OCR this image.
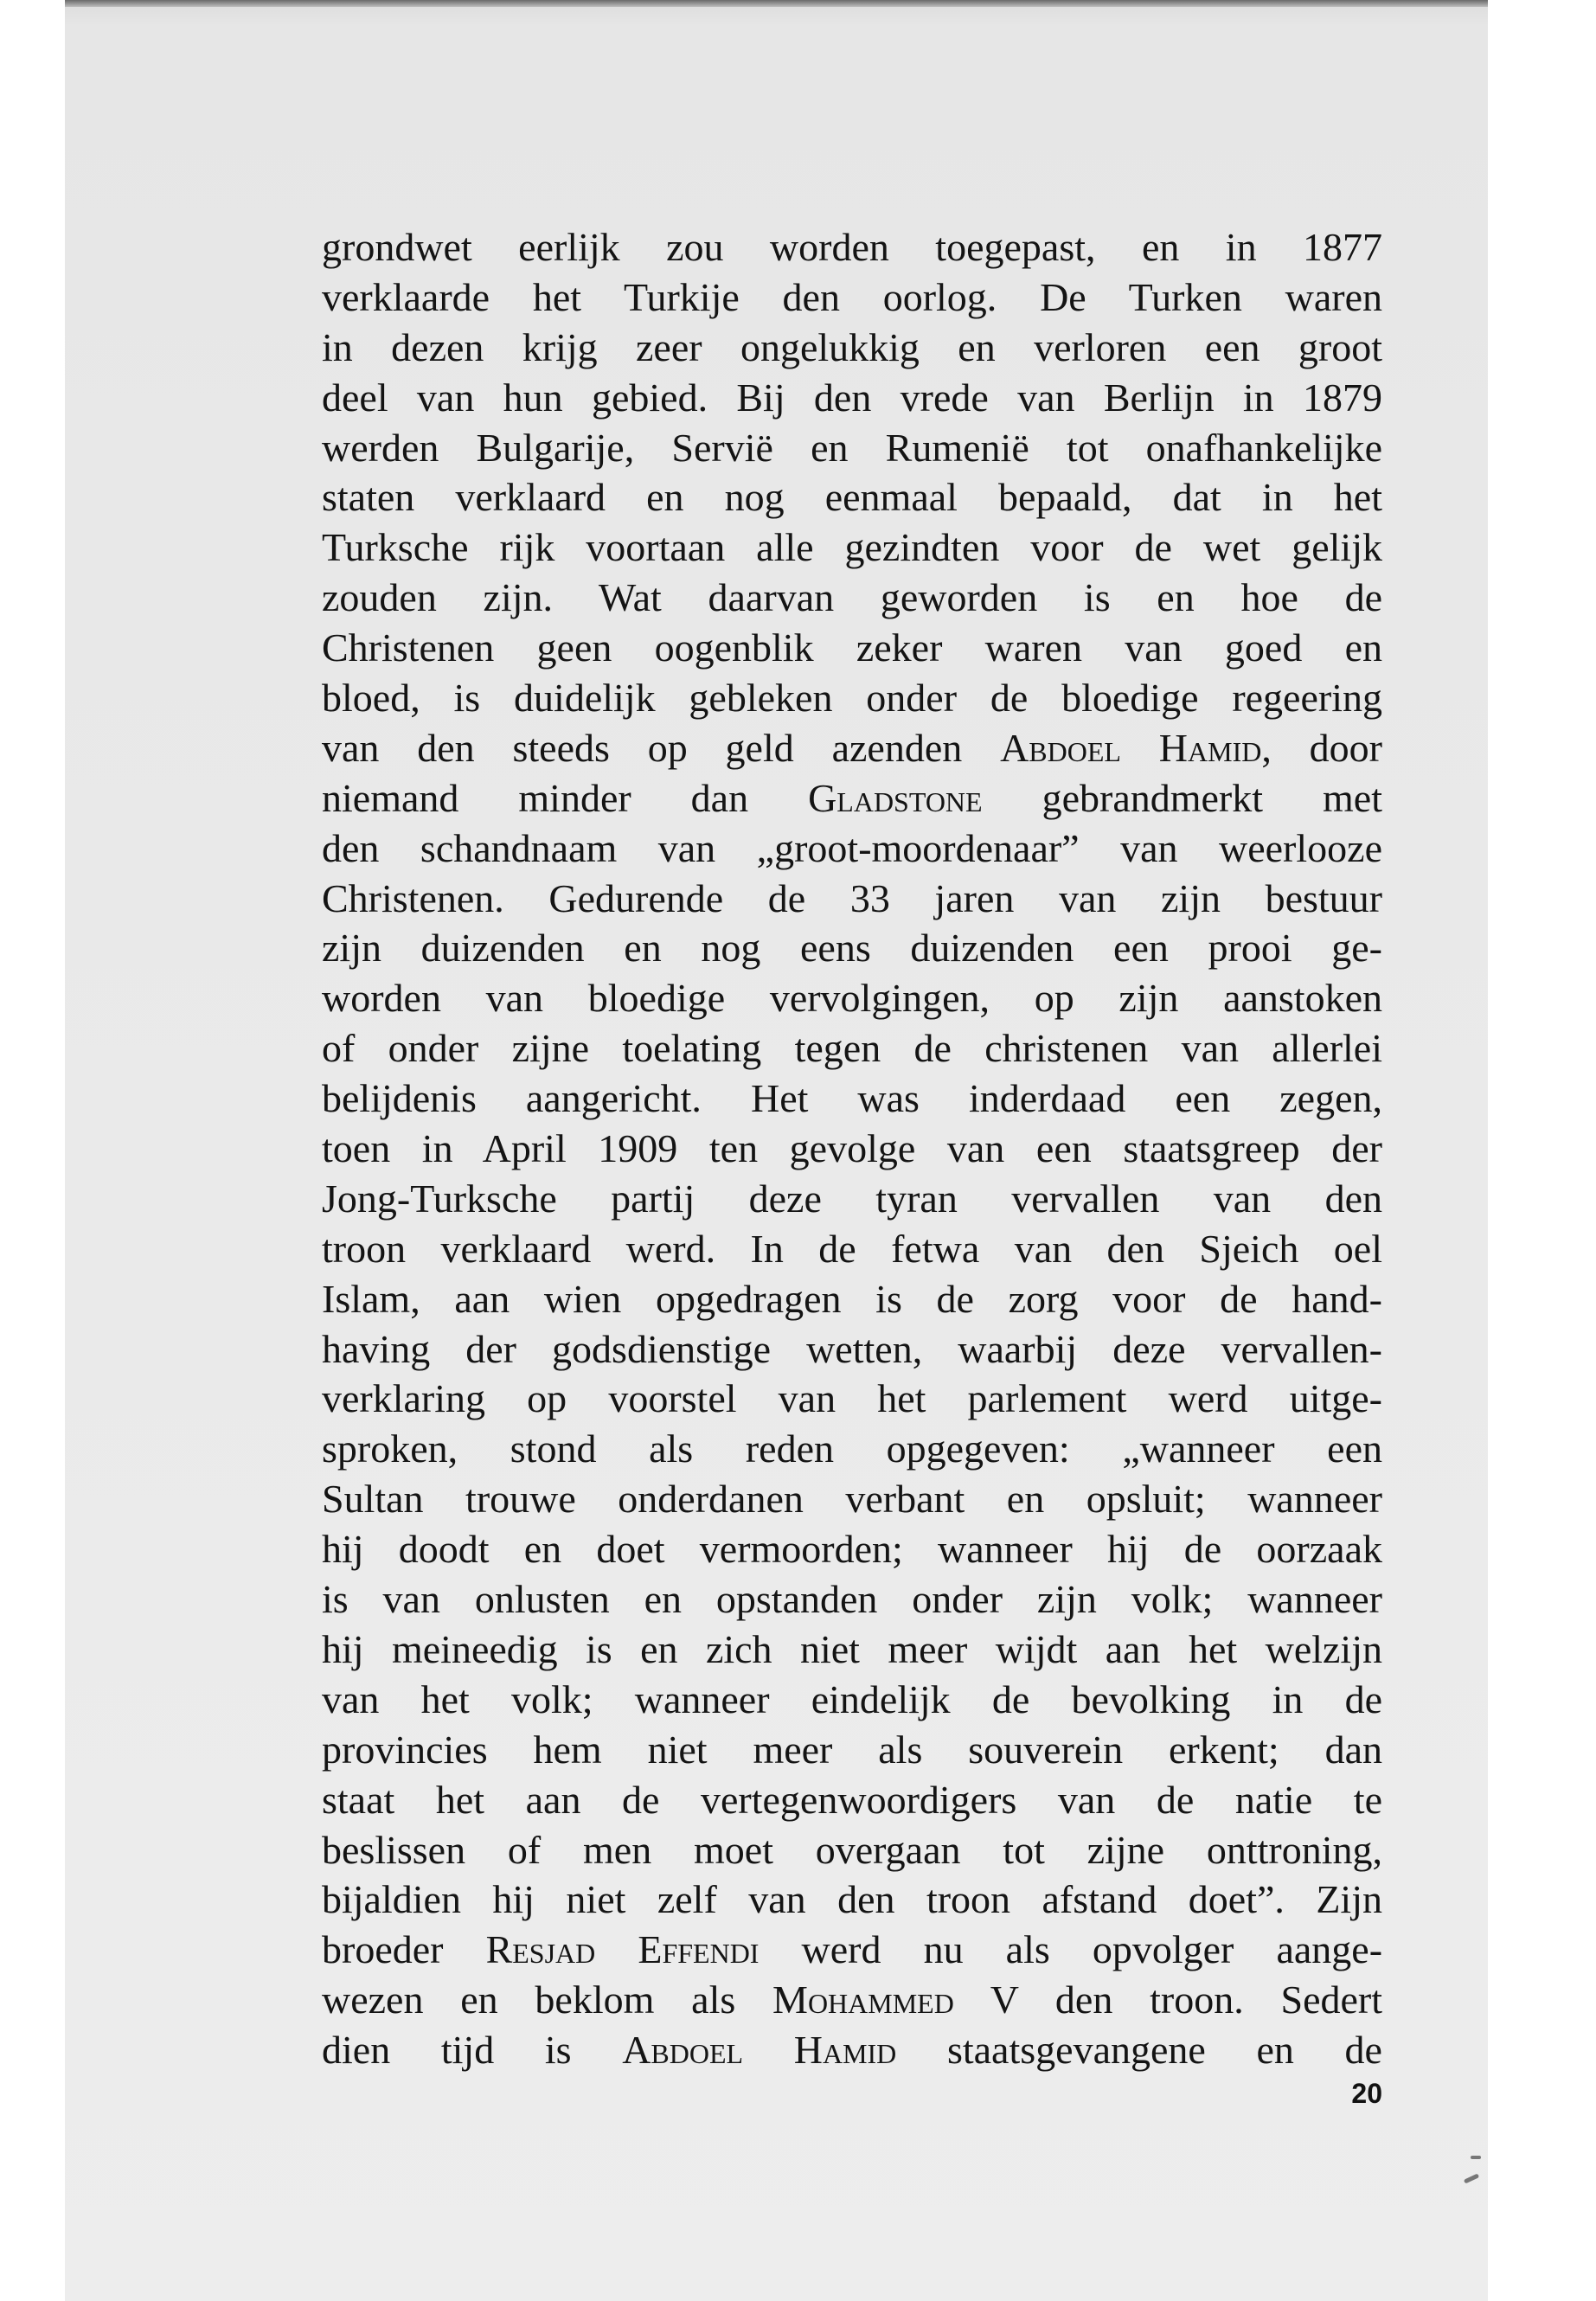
grondwet eerlijk zou worden toegepast, en in 1877
verklaarde het Turkije den oorlog. De Turken waren
in dezen krijg zeer ongelukkig en verloren een groot
deel van hun gebied. Bij den vrede van Berlijn in 1879
werden Bulgarije, Servië en Rumenië tot onafhankelijke
staten verklaard en nog eenmaal bepaald, dat in het
Turksche rijk voortaan alle gezindten voor de wet gelijk
zouden zijn. Wat daarvan geworden is en hoe de
Christenen geen oogenblik zeker waren van goed en
bloed, is duidelijk gebleken onder de bloedige regeering
van den steeds op geld azenden Abdoel Hamid, door
niemand minder dan Gladstone gebrandmerkt met
den schandnaam van „groot-moordenaar” van weerlooze
Christenen. Gedurende de 33 jaren van zijn bestuur
zijn duizenden en nog eens duizenden een prooi ge-
worden van bloedige vervolgingen, op zijn aanstoken
of onder zijne toelating tegen de christenen van allerlei
belijdenis aangericht. Het was inderdaad een zegen,
toen in April 1909 ten gevolge van een staatsgreep der
Jong-Turksche partij deze tyran vervallen van den
troon verklaard werd. In de fetwa van den Sjeich oel
Islam, aan wien opgedragen is de zorg voor de hand-
having der godsdienstige wetten, waarbij deze vervallen-
verklaring op voorstel van het parlement werd uitge-
sproken, stond als reden opgegeven: „wanneer een
Sultan trouwe onderdanen verbant en opsluit; wanneer
hij doodt en doet vermoorden; wanneer hij de oorzaak
is van onlusten en opstanden onder zijn volk; wanneer
hij meineedig is en zich niet meer wijdt aan het welzijn
van het volk; wanneer eindelijk de bevolking in de
provincies hem niet meer als souverein erkent; dan
staat het aan de vertegenwoordigers van de natie te
beslissen of men moet overgaan tot zijne onttroning,
bijaldien hij niet zelf van den troon afstand doet”. Zijn
broeder Resjad Effendi werd nu als opvolger aange-
wezen en beklom als Mohammed V den troon. Sedert
dien tijd is Abdoel Hamid staatsgevangene en de
20
